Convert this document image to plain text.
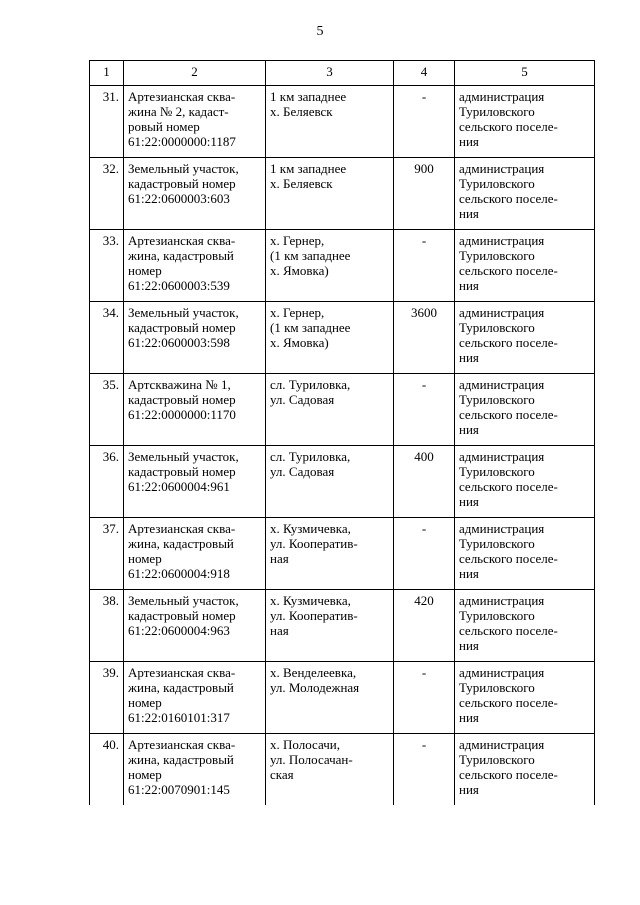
5
1	2	3	4	5
31.	Артезианская сква-
жина № 2, кадаст-
ровый номер
61:22:0000000:1187	1 км западнее
х. Беляевск	-	администрация
Туриловского
сельского поселе-
ния
32.	Земельный участок,
кадастровый номер
61:22:0600003:603	1 км западнее
х. Беляевск	900	администрация
Туриловского
сельского поселе-
ния
33.	Артезианская сква-
жина, кадастровый
номер
61:22:0600003:539	х. Гернер,
(1 км западнее
х. Ямовка)	-	администрация
Туриловского
сельского поселе-
ния
34.	Земельный участок,
кадастровый номер
61:22:0600003:598	х. Гернер,
(1 км западнее
х. Ямовка)	3600	администрация
Туриловского
сельского поселе-
ния
35.	Артскважина № 1,
кадастровый номер
61:22:0000000:1170	сл. Туриловка,
ул. Садовая	-	администрация
Туриловского
сельского поселе-
ния
36.	Земельный участок,
кадастровый номер
61:22:0600004:961	сл. Туриловка,
ул. Садовая	400	администрация
Туриловского
сельского поселе-
ния
37.	Артезианская сква-
жина, кадастровый
номер
61:22:0600004:918	х. Кузмичевка,
ул. Кооператив-
ная	-	администрация
Туриловского
сельского поселе-
ния
38.	Земельный участок,
кадастровый номер
61:22:0600004:963	х. Кузмичевка,
ул. Кооператив-
ная	420	администрация
Туриловского
сельского поселе-
ния
39.	Артезианская сква-
жина, кадастровый
номер
61:22:0160101:317	х. Венделеевка,
ул. Молодежная	-	администрация
Туриловского
сельского поселе-
ния
40.	Артезианская сква-
жина, кадастровый
номер
61:22:0070901:145	х. Полосачи,
ул. Полосачан-
ская	-	администрация
Туриловского
сельского поселе-
ния
